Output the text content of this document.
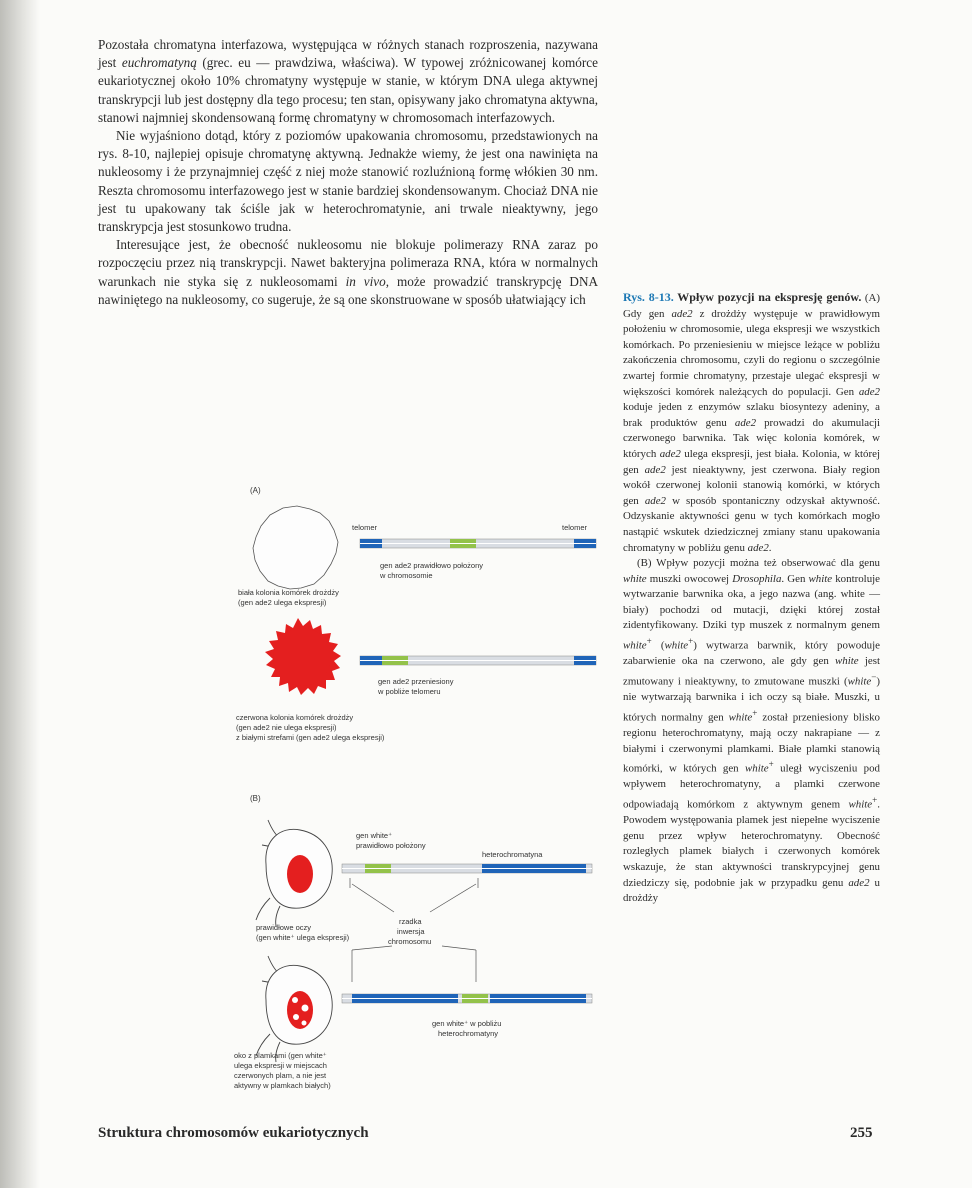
Pozostała chromatyna interfazowa, występująca w różnych stanach rozproszenia, nazywana jest euchromatyną (grec. eu — prawdziwa, właściwa). W typowej zróżnicowanej komórce eukariotycznej około 10% chromatyny występuje w stanie, w którym DNA ulega aktywnej transkrypcji lub jest dostępny dla tego procesu; ten stan, opisywany jako chromatyna aktywna, stanowi najmniej skondensowaną formę chromatyny w chromosomach interfazowych.

Nie wyjaśniono dotąd, który z poziomów upakowania chromosomu, przedstawionych na rys. 8-10, najlepiej opisuje chromatynę aktywną. Jednakże wiemy, że jest ona nawinięta na nukleosomy i że przynajmniej część z niej może stanowić rozluźnioną formę włókien 30 nm. Reszta chromosomu interfazowego jest w stanie bardziej skondensowanym. Chociaż DNA nie jest tu upakowany tak ściśle jak w heterochromatynie, ani trwale nieaktywny, jego transkrypcja jest stosunkowo trudna.

Interesujące jest, że obecność nukleosomu nie blokuje polimerazy RNA zaraz po rozpoczęciu przez nią transkrypcji. Nawet bakteryjna polimeraza RNA, która w normalnych warunkach nie styka się z nukleosomami in vivo, może prowadzić transkrypcję DNA nawiniętego na nukleosomy, co sugeruje, że są one skonstruowane w sposób ułatwiający ich	Rys. 8-13. Wpływ pozycji na ekspresję genów. (A) Gdy gen ade2 z drożdży występuje w prawidłowym położeniu w chromosomie, ulega ekspresji we wszystkich komórkach. Po przeniesieniu w miejsce leżące w pobliżu zakończenia chromosomu, czyli do regionu o szczególnie zwartej formie chromatyny, przestaje ulegać ekspresji w większości komórek należących do populacji. Gen ade2 koduje jeden z enzymów szlaku biosyntezy adeniny, a brak produktów genu ade2 prowadzi do akumulacji czerwonego barwnika. Tak więc kolonia komórek, w których ade2 ulega ekspresji, jest biała. Kolonia, w której gen ade2 jest nieaktywny, jest czerwona. Biały region wokół czerwonej kolonii stanowią komórki, w których gen ade2 w sposób spontaniczny odzyskał aktywność. Odzyskanie aktywności genu w tych komórkach mogło nastąpić wskutek dziedzicznej zmiany stanu upakowania chromatyny w pobliżu genu ade2.

(B) Wpływ pozycji można też obserwować dla genu white muszki owocowej Drosophila. Gen white kontroluje wytwarzanie barwnika oka, a jego nazwa (ang. white — biały) pochodzi od mutacji, dzięki której został zidentyfikowany. Dziki typ muszek z normalnym genem white+ (white+) wytwarza barwnik, który powoduje zabarwienie oka na czerwono, ale gdy gen white jest zmutowany i nieaktywny, to zmutowane muszki (white−) nie wytwarzają barwnika i ich oczy są białe. Muszki, u których normalny gen white+ został przeniesiony blisko regionu heterochromatyny, mają oczy nakrapiane — z białymi i czerwonymi plamkami. Białe plamki stanowią komórki, w których gen white+ uległ wyciszeniu pod wpływem heterochromatyny, a plamki czerwone odpowiadają komórkom z aktywnym genem white+. Powodem występowania plamek jest niepełne wyciszenie genu przez wpływ heterochromatyny. Obecność rozległych plamek białych i czerwonych komórek wskazuje, że stan aktywności transkrypcyjnej genu dziedziczy się, podobnie jak w przypadku genu ade2 u drożdży

(A)
biała kolonia komórek drożdży
(gen ade2 ulega ekspresji)
telomer	telomer
gen ade2 prawidłowo położony
w chromosomie
gen ade2 przeniesiony
w pobliże telomeru
czerwona kolonia komórek drożdży
(gen ade2 nie ulega ekspresji)
z białymi strefami (gen ade2 ulega ekspresji)
(B)
gen white⁺
prawidłowo położony
heterochromatyna
rzadka
inwersja
chromosomu
prawidłowe oczy
(gen white⁺ ulega ekspresji)
gen white⁺ w pobliżu
heterochromatyny
oko z plamkami (gen white⁺
ulega ekspresji w miejscach
czerwonych plam, a nie jest
aktywny w plamkach białych)
Struktura chromosomów eukariotycznych	255
